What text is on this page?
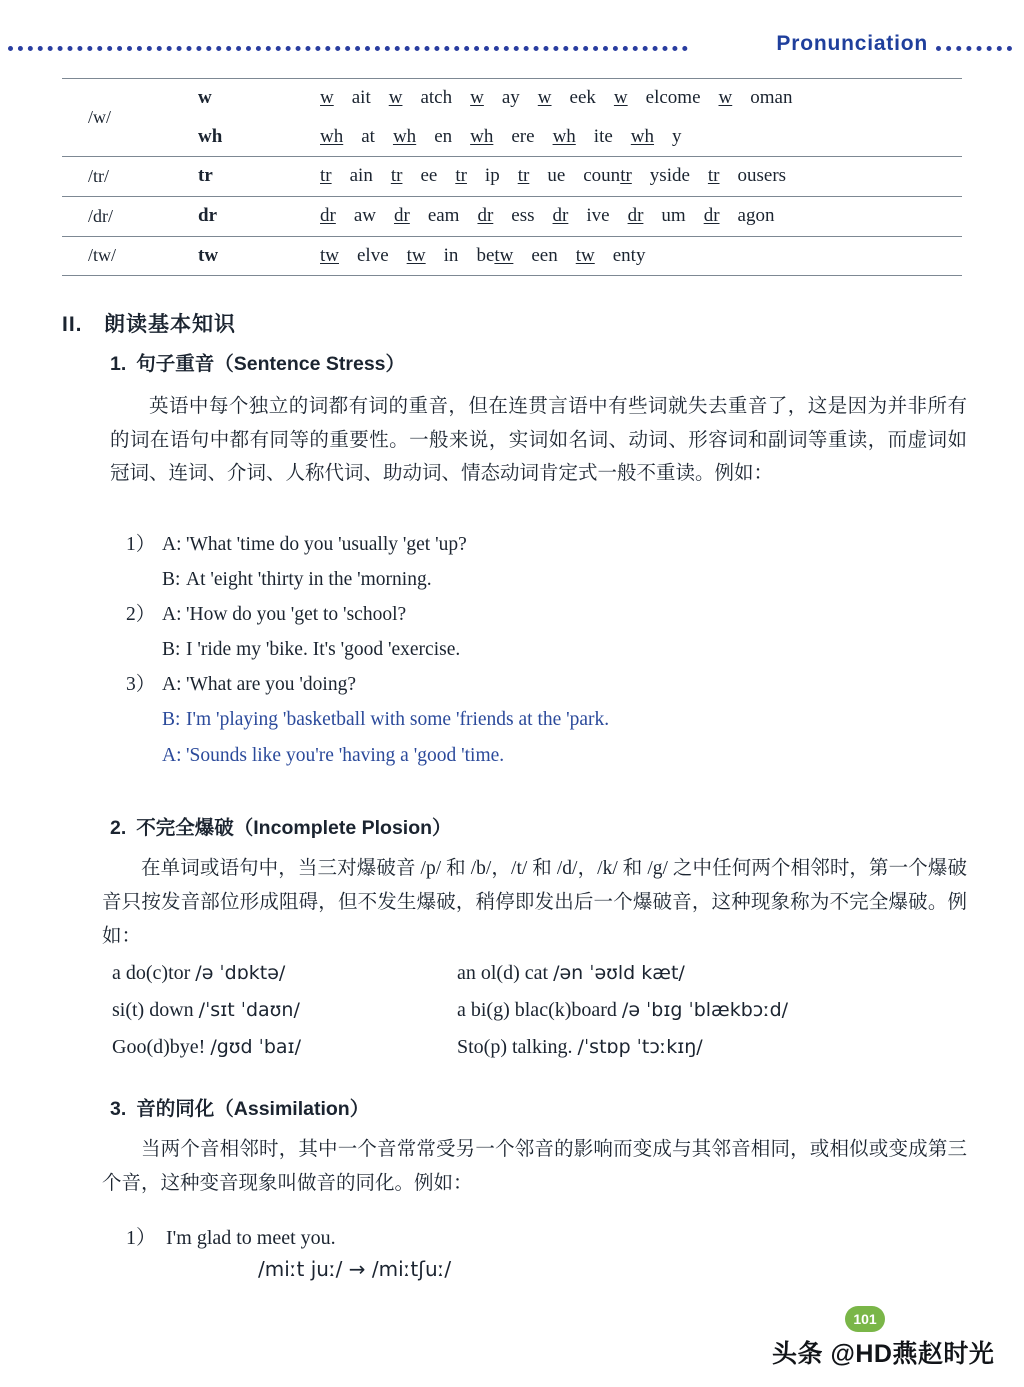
Pronunciation
/w/	w	w ait w atch w ay w eek w elcome w oman
	wh	wh at wh en wh ere wh ite wh y
/tr/	tr	tr ain tr ee tr ip tr ue countr yside tr ousers
/dr/	dr	dr aw dr eam dr ess dr ive dr um dr agon
/tw/	tw	tw elve tw in betw een tw enty
II. 朗读基本知识
1. 句子重音（Sentence Stress）
英语中每个独立的词都有词的重音，但在连贯言语中有些词就失去重音了，这是因为并非所有的词在语句中都有同等的重要性。一般来说，实词如名词、动词、形容词和副词等重读，而虚词如冠词、连词、介词、人称代词、助动词、情态动词肯定式一般不重读。例如：
1） A: 'What 'time do you 'usually 'get 'up?
B: At 'eight 'thirty in the 'morning.
2） A: 'How do you 'get to 'school?
B: I 'ride my 'bike. It's 'good 'exercise.
3） A: 'What are you 'doing?
B: I'm 'playing 'basketball with some 'friends at the 'park.
A: 'Sounds like you're 'having a 'good 'time.
2. 不完全爆破（Incomplete Plosion）
在单词或语句中，当三对爆破音 /p/ 和 /b/，/t/ 和 /d/，/k/ 和 /g/ 之中任何两个相邻时，第一个爆破音只按发音部位形成阻碍，但不发生爆破，稍停即发出后一个爆破音，这种现象称为不完全爆破。例如：
a do(c)tor /ə ˈdɒktə/	an ol(d) cat /ən ˈəʊld kæt/
si(t) down /ˈsɪt ˈdaʊn/	a bi(g) blac(k)board /ə ˈbɪg ˈblækbɔːd/
Goo(d)bye! /gʊd ˈbaɪ/	Sto(p) talking. /ˈstɒp ˈtɔːkɪŋ/
3. 音的同化（Assimilation）
当两个音相邻时，其中一个音常常受另一个邻音的影响而变成与其邻音相同，或相似或变成第三个音，这种变音现象叫做音的同化。例如：
1） I'm glad to meet you.
/miːt juː/ → /miːtʃuː/
101
头条 @HD燕赵时光
